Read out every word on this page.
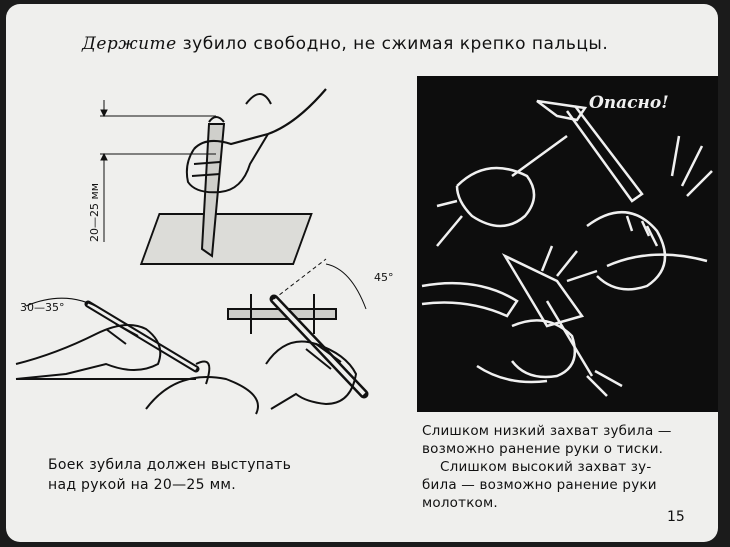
Держите зубило свободно, не сжимая крепко пальцы.
20—25 мм
30—35°
45°
Опасно!
Боек зубила должен выступать
над рукой на 20—25 мм.

Слишком низкий захват зубила —

возможно ранение руки о тиски.

Слишком высокий захват зу-

била — возможно ранение руки

молотком.

15
